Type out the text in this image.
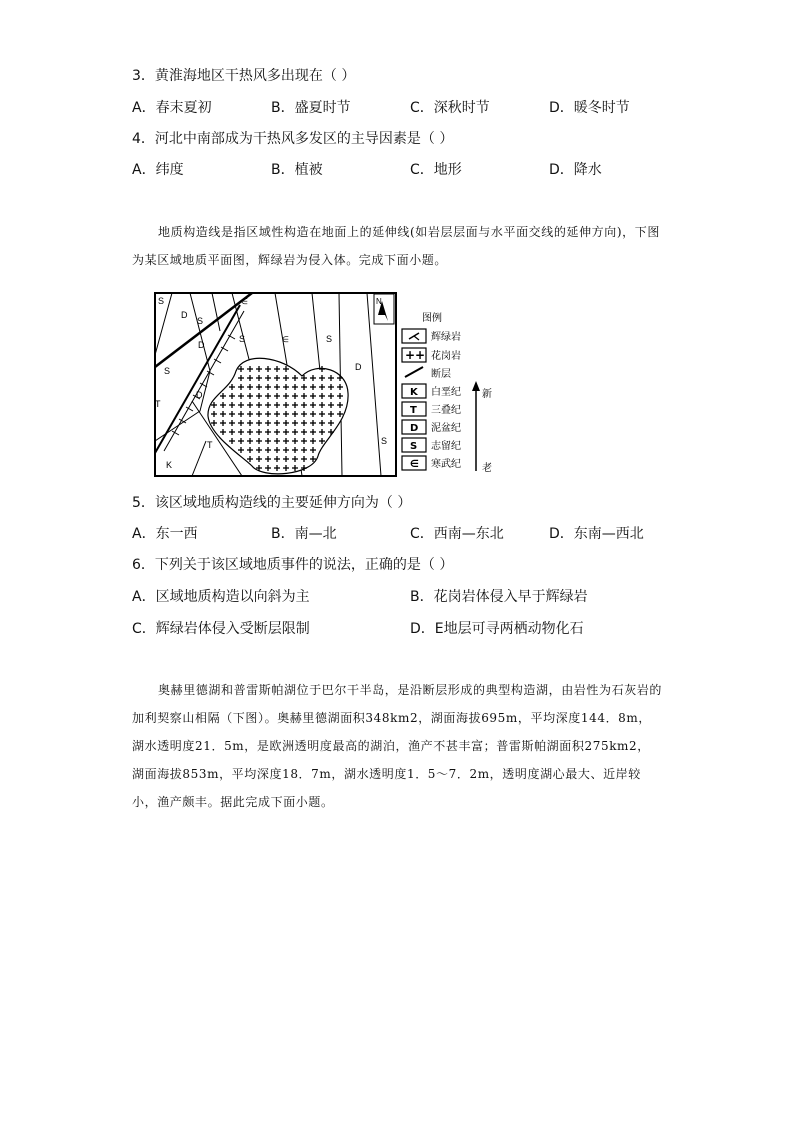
3．黄淮海地区干热风多出现在（ ）
A．春末夏初	B．盛夏时节	C．深秋时节	D．暖冬时节
4．河北中南部成为干热风多发区的主导因素是（ ）
A．纬度	B．植被	C．地形	D．降水
地质构造线是指区域性构造在地面上的延伸线(如岩层层面与水平面交线的延伸方向)，下图为某区域地质平面图，辉绿岩为侵入体。完成下面小题。
S
D
S
∈
D
S	∈	S
D
S
T
D
T
K
S
N
图例
辉绿岩
++ 花岗岩
断层
K 白垩纪
T 三叠纪
D 泥盆纪
S 志留纪
∈ 寒武纪
新
老
5．该区域地质构造线的主要延伸方向为（ ）
A．东一西	B．南—北	C．西南—东北	D．东南—西北
6．下列关于该区域地质事件的说法，正确的是（ ）
A．区域地质构造以向斜为主	B．花岗岩体侵入早于辉绿岩
C．辉绿岩体侵入受断层限制	D．E地层可寻两栖动物化石
奥赫里德湖和普雷斯帕湖位于巴尔干半岛，是沿断层形成的典型构造湖，由岩性为石灰岩的加利契察山相隔（下图）。奥赫里德湖面积348km2，湖面海拔695m，平均深度144．8m，湖水透明度21．5m，是欧洲透明度最高的湖泊，渔产不甚丰富；普雷斯帕湖面积275km2，湖面海拔853m，平均深度18．7m，湖水透明度1．5～7．2m，透明度湖心最大、近岸较小，渔产颇丰。据此完成下面小题。
